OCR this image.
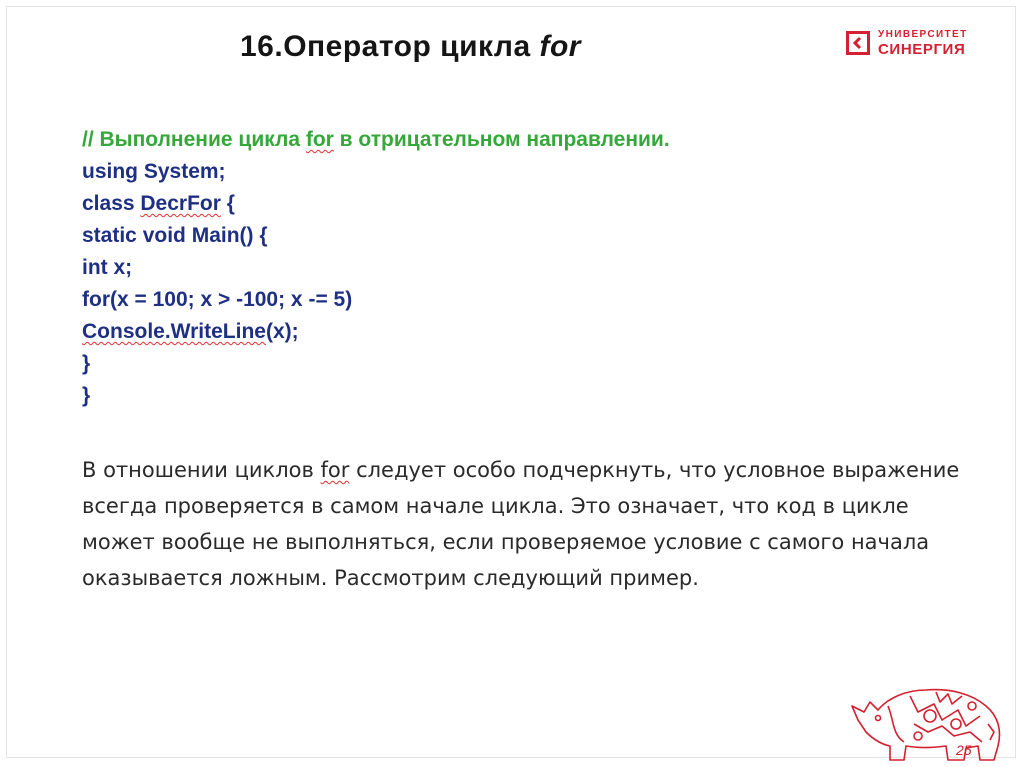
16.Оператор цикла for	УНИВЕРСИТЕТ
СИНЕРГИЯ
// Выполнение цикла for в отрицательном направлении.
using System;
class DecrFor {
static void Main() {
int x;
for(x = 100; x > -100; x -= 5)
Console.WriteLine(x);
}
}
В отношении циклов for следует особо подчеркнуть, что условное выражение
всегда проверяется в самом начале цикла. Это означает, что код в цикле
может вообще не выполняться, если проверяемое условие с самого начала
оказывается ложным. Рассмотрим следующий пример.
25
